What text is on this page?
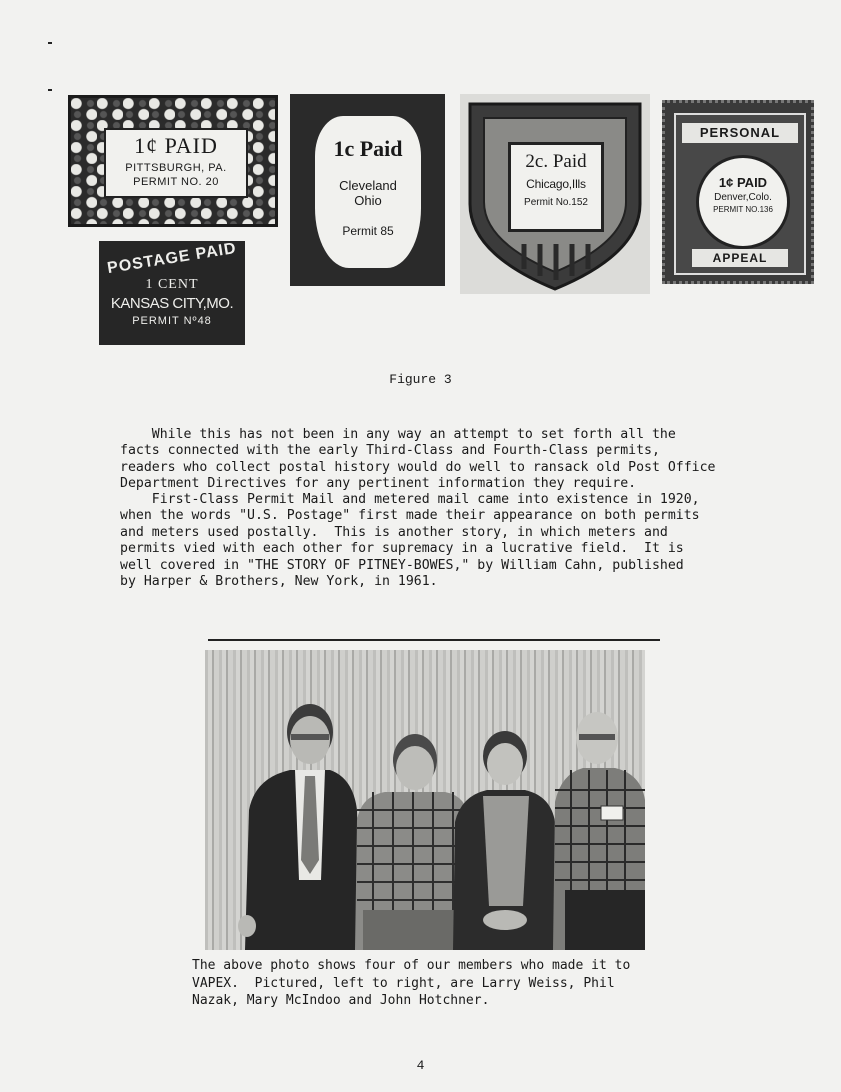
1¢ PAID
PITTSBURGH, PA.
PERMIT NO. 20
1c Paid
Cleveland
Ohio
Permit 85
2c. Paid
Chicago,Ills
Permit No.152
PERSONAL
1¢ PAID
Denver,Colo.
PERMIT NO.136
APPEAL
POSTAGE PAID
1 CENT
KANSAS CITY,MO.
PERMIT Nº48
Figure 3
While this has not been in any way an attempt to set forth all the
facts connected with the early Third-Class and Fourth-Class permits,
readers who collect postal history would do well to ransack old Post Office
Department Directives for any pertinent information they require.
First-Class Permit Mail and metered mail came into existence in 1920,
when the words "U.S. Postage" first made their appearance on both permits
and meters used postally.  This is another story, in which meters and
permits vied with each other for supremacy in a lucrative field.  It is
well covered in "THE STORY OF PITNEY-BOWES," by William Cahn, published
by Harper & Brothers, New York, in 1961.
The above photo shows four of our members who made it to
VAPEX.  Pictured, left to right, are Larry Weiss, Phil
Nazak, Mary McIndoo and John Hotchner.
4
